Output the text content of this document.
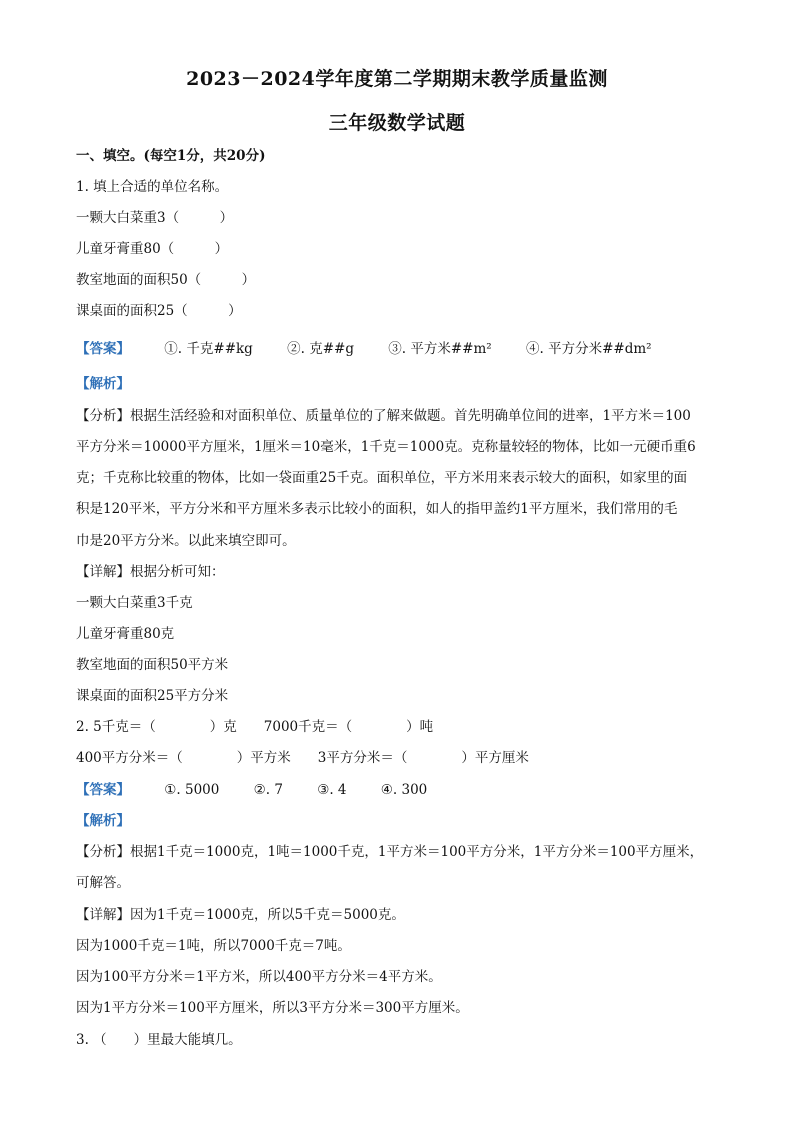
2023－2024学年度第二学期期末教学质量监测
三年级数学试题
一、填空。(每空1分，共20分)
1. 填上合适的单位名称。
一颗大白菜重3（　　　）
儿童牙膏重80（　　　）
教室地面的面积50（　　　）
课桌面的面积25（　　　）
【答案】	①. 千克##kg	②. 克##g	③. 平方米##m²	④. 平方分米##dm²
【解析】
【分析】根据生活经验和对面积单位、质量单位的了解来做题。首先明确单位间的进率，1平方米＝100
平方分米＝10000平方厘米，1厘米＝10毫米，1千克＝1000克。克称量较轻的物体，比如一元硬币重6
克；千克称比较重的物体，比如一袋面重25千克。面积单位，平方米用来表示较大的面积，如家里的面
积是120平米，平方分米和平方厘米多表示比较小的面积，如人的指甲盖约1平方厘米，我们常用的毛
巾是20平方分米。以此来填空即可。
【详解】根据分析可知：
一颗大白菜重3千克
儿童牙膏重80克
教室地面的面积50平方米
课桌面的面积25平方分米
2. 5千克＝（　　　　）克　　7000千克＝（　　　　）吨
400平方分米＝（　　　　）平方米　　3平方分米＝（　　　　）平方厘米
【答案】	①. 5000	②. 7	③. 4	④. 300
【解析】
【分析】根据1千克＝1000克，1吨＝1000千克，1平方米＝100平方分米，1平方分米＝100平方厘米，
可解答。
【详解】因为1千克＝1000克，所以5千克＝5000克。
因为1000千克＝1吨，所以7000千克＝7吨。
因为100平方分米＝1平方米，所以400平方分米＝4平方米。
因为1平方分米＝100平方厘米，所以3平方分米＝300平方厘米。
3. （　　）里最大能填几。
